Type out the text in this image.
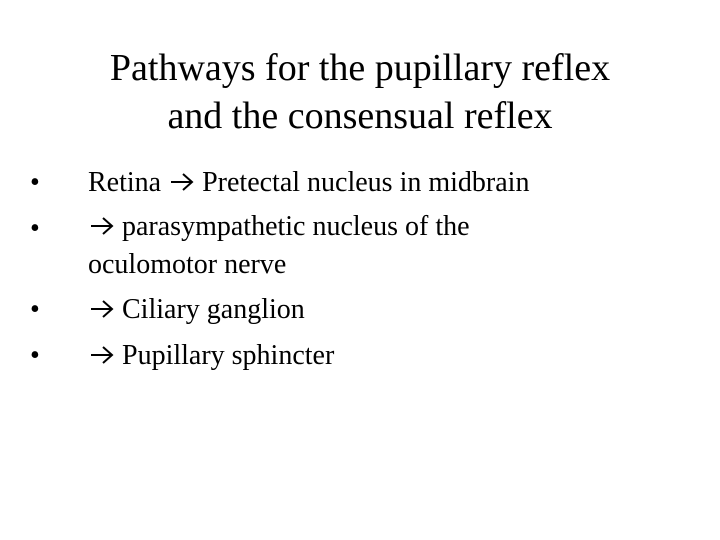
Pathways for the pupillary reflex
and the consensual reflex
•	Retina Pretectal nucleus in midbrain
•	parasympathetic nucleus of the
oculomotor nerve
•	Ciliary ganglion
•	Pupillary sphincter
